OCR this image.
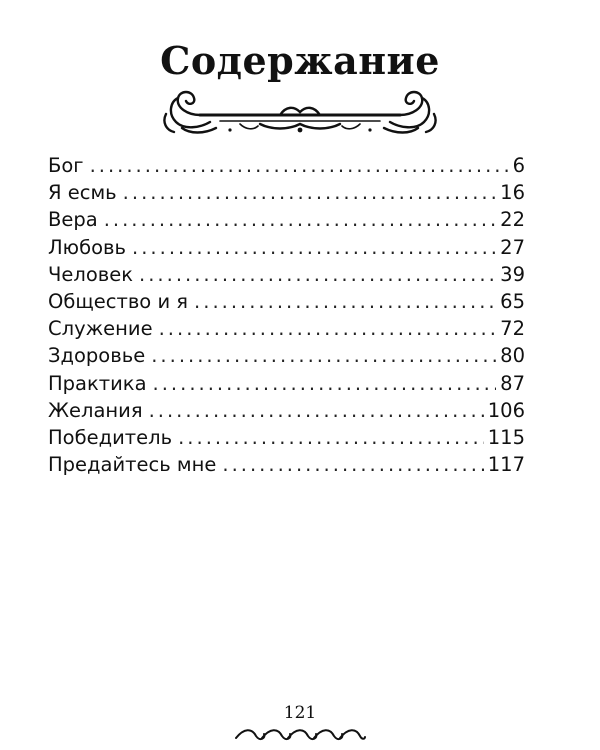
Содержание
Бог .....	6
Я есмь .....	16
Вера .....	22
Любовь .....	27
Человек .....	39
Общество и я .....	65
Служение .....	72
Здоровье .....	80
Практика .....	87
Желания .....	106
Победитель .....	115
Предайтесь мне .....	117
121
